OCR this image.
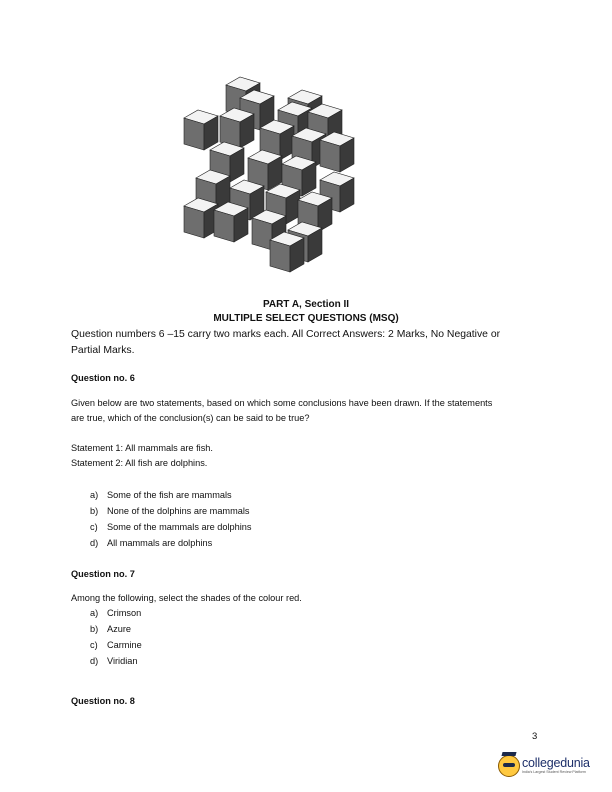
PART A, Section II
MULTIPLE SELECT QUESTIONS (MSQ)
Question numbers 6 –15 carry two marks each. All Correct Answers: 2 Marks, No Negative or
Partial Marks.
Question no. 6
Given below are two statements, based on which some conclusions have been drawn. If the statements
are true, which of the conclusion(s) can be said to be true?
Statement 1: All mammals are fish.
Statement 2: All fish are dolphins.
a) Some of the fish are mammals
b) None of the dolphins are mammals
c) Some of the mammals are dolphins
d) All mammals are dolphins
Question no. 7
Among the following, select the shades of the colour red.
a) Crimson
b) Azure
c) Carmine
d) Viridian
Question no. 8
3
collegedunia
India's Largest Student Review Platform
